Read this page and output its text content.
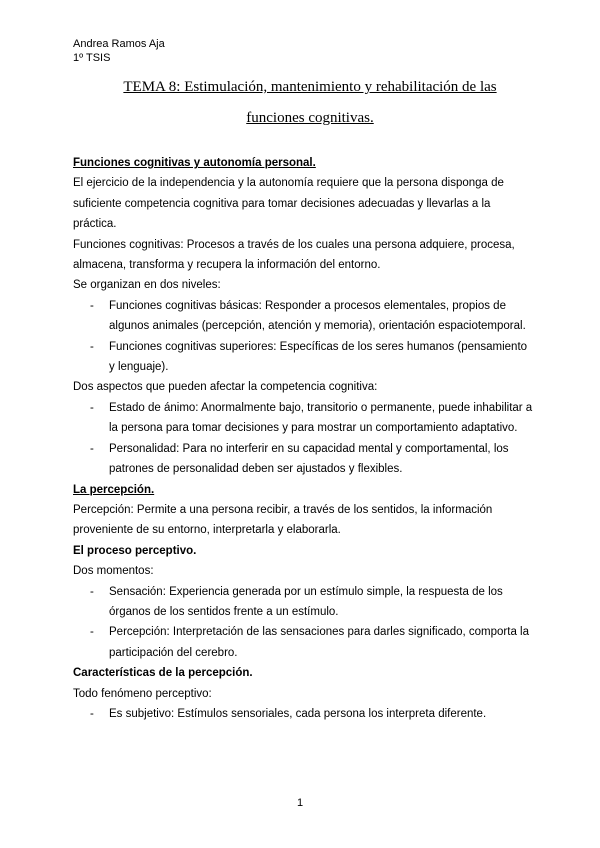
Andrea Ramos Aja
1º TSIS
TEMA 8: Estimulación, mantenimiento y rehabilitación de las
funciones cognitivas.

Funciones cognitivas y autonomía personal.

El ejercicio de la independencia y la autonomía requiere que la persona disponga de suficiente competencia cognitiva para tomar decisiones adecuadas y llevarlas a la práctica.

Funciones cognitivas: Procesos a través de los cuales una persona adquiere, procesa, almacena, transforma y recupera la información del entorno.

Se organizan en dos niveles:

- Funciones cognitivas básicas: Responder a procesos elementales, propios de algunos animales (percepción, atención y memoria), orientación espaciotemporal.
- Funciones cognitivas superiores: Específicas de los seres humanos (pensamiento y lenguaje).

Dos aspectos que pueden afectar la competencia cognitiva:

- Estado de ánimo: Anormalmente bajo, transitorio o permanente, puede inhabilitar a la persona para tomar decisiones y para mostrar un comportamiento adaptativo.
- Personalidad: Para no interferir en su capacidad mental y comportamental, los patrones de personalidad deben ser ajustados y flexibles.

La percepción.

Percepción: Permite a una persona recibir, a través de los sentidos, la información proveniente de su entorno, interpretarla y elaborarla.

El proceso perceptivo.

Dos momentos:

- Sensación: Experiencia generada por un estímulo simple, la respuesta de los órganos de los sentidos frente a un estímulo.
- Percepción: Interpretación de las sensaciones para darles significado, comporta la participación del cerebro.

Características de la percepción.

Todo fenómeno perceptivo:

- Es subjetivo: Estímulos sensoriales, cada persona los interpreta diferente.
1
